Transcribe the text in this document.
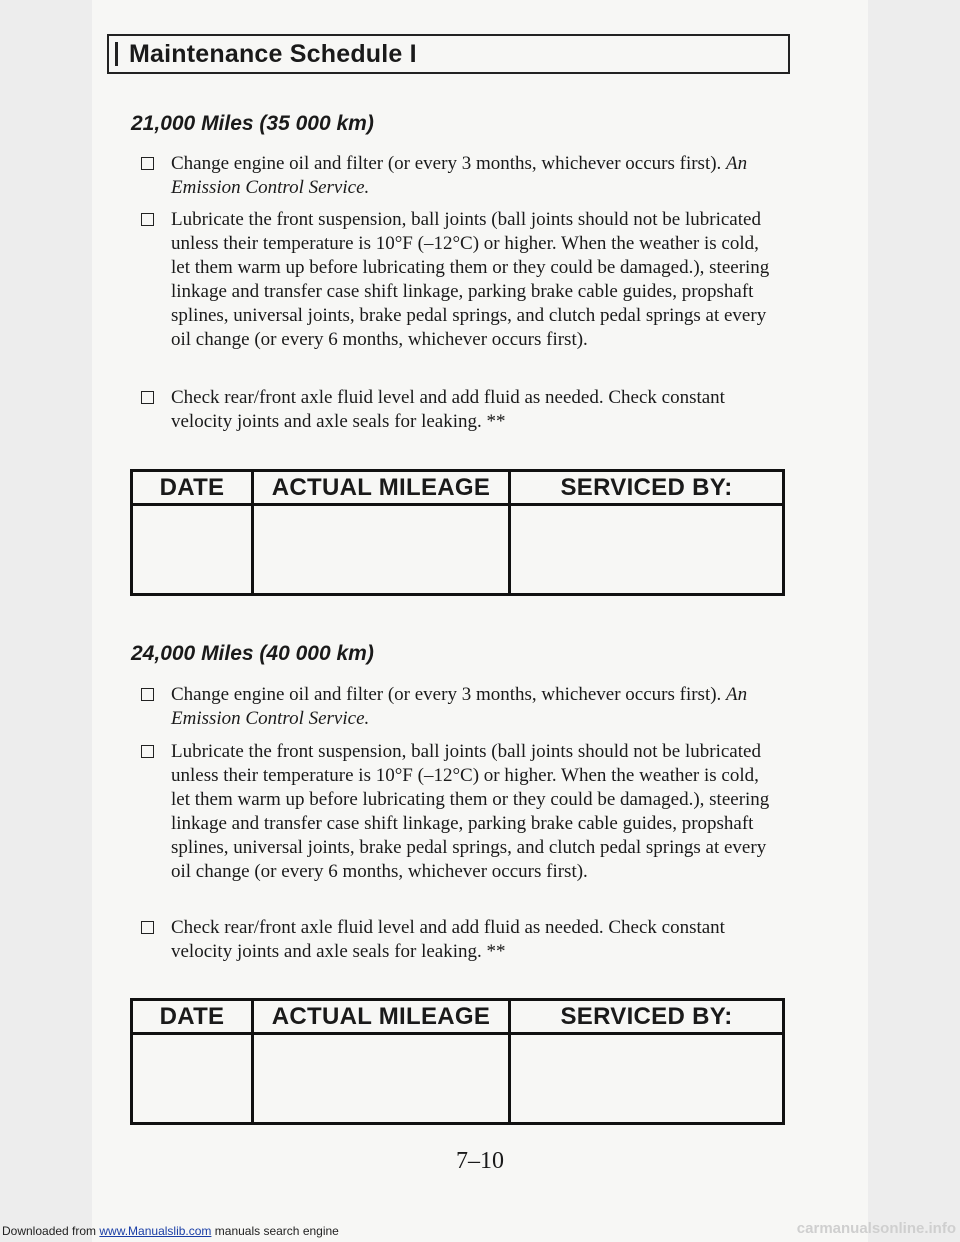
Maintenance Schedule I
21,000 Miles (35 000 km)
Change engine oil and filter (or every 3 months, whichever occurs first). An Emission Control Service.
Lubricate the front suspension, ball joints (ball joints should not be lubricated unless their temperature is 10°F (–12°C) or higher. When the weather is cold, let them warm up before lubricating them or they could be damaged.), steering linkage and transfer case shift linkage, parking brake cable guides, propshaft splines, universal joints, brake pedal springs, and clutch pedal springs at every oil change (or every 6 months, whichever occurs first).
Check rear/front axle fluid level and add fluid as needed. Check constant velocity joints and axle seals for leaking. **
DATE	ACTUAL MILEAGE	SERVICED BY:

24,000 Miles (40 000 km)
Change engine oil and filter (or every 3 months, whichever occurs first). An Emission Control Service.
Lubricate the front suspension, ball joints (ball joints should not be lubricated unless their temperature is 10°F (–12°C) or higher. When the weather is cold, let them warm up before lubricating them or they could be damaged.), steering linkage and transfer case shift linkage, parking brake cable guides, propshaft splines, universal joints, brake pedal springs, and clutch pedal springs at every oil change (or every 6 months, whichever occurs first).
Check rear/front axle fluid level and add fluid as needed. Check constant velocity joints and axle seals for leaking. **
DATE	ACTUAL MILEAGE	SERVICED BY:

7–10
Downloaded from www.Manualslib.com manuals search engine	carmanualsonline.info
